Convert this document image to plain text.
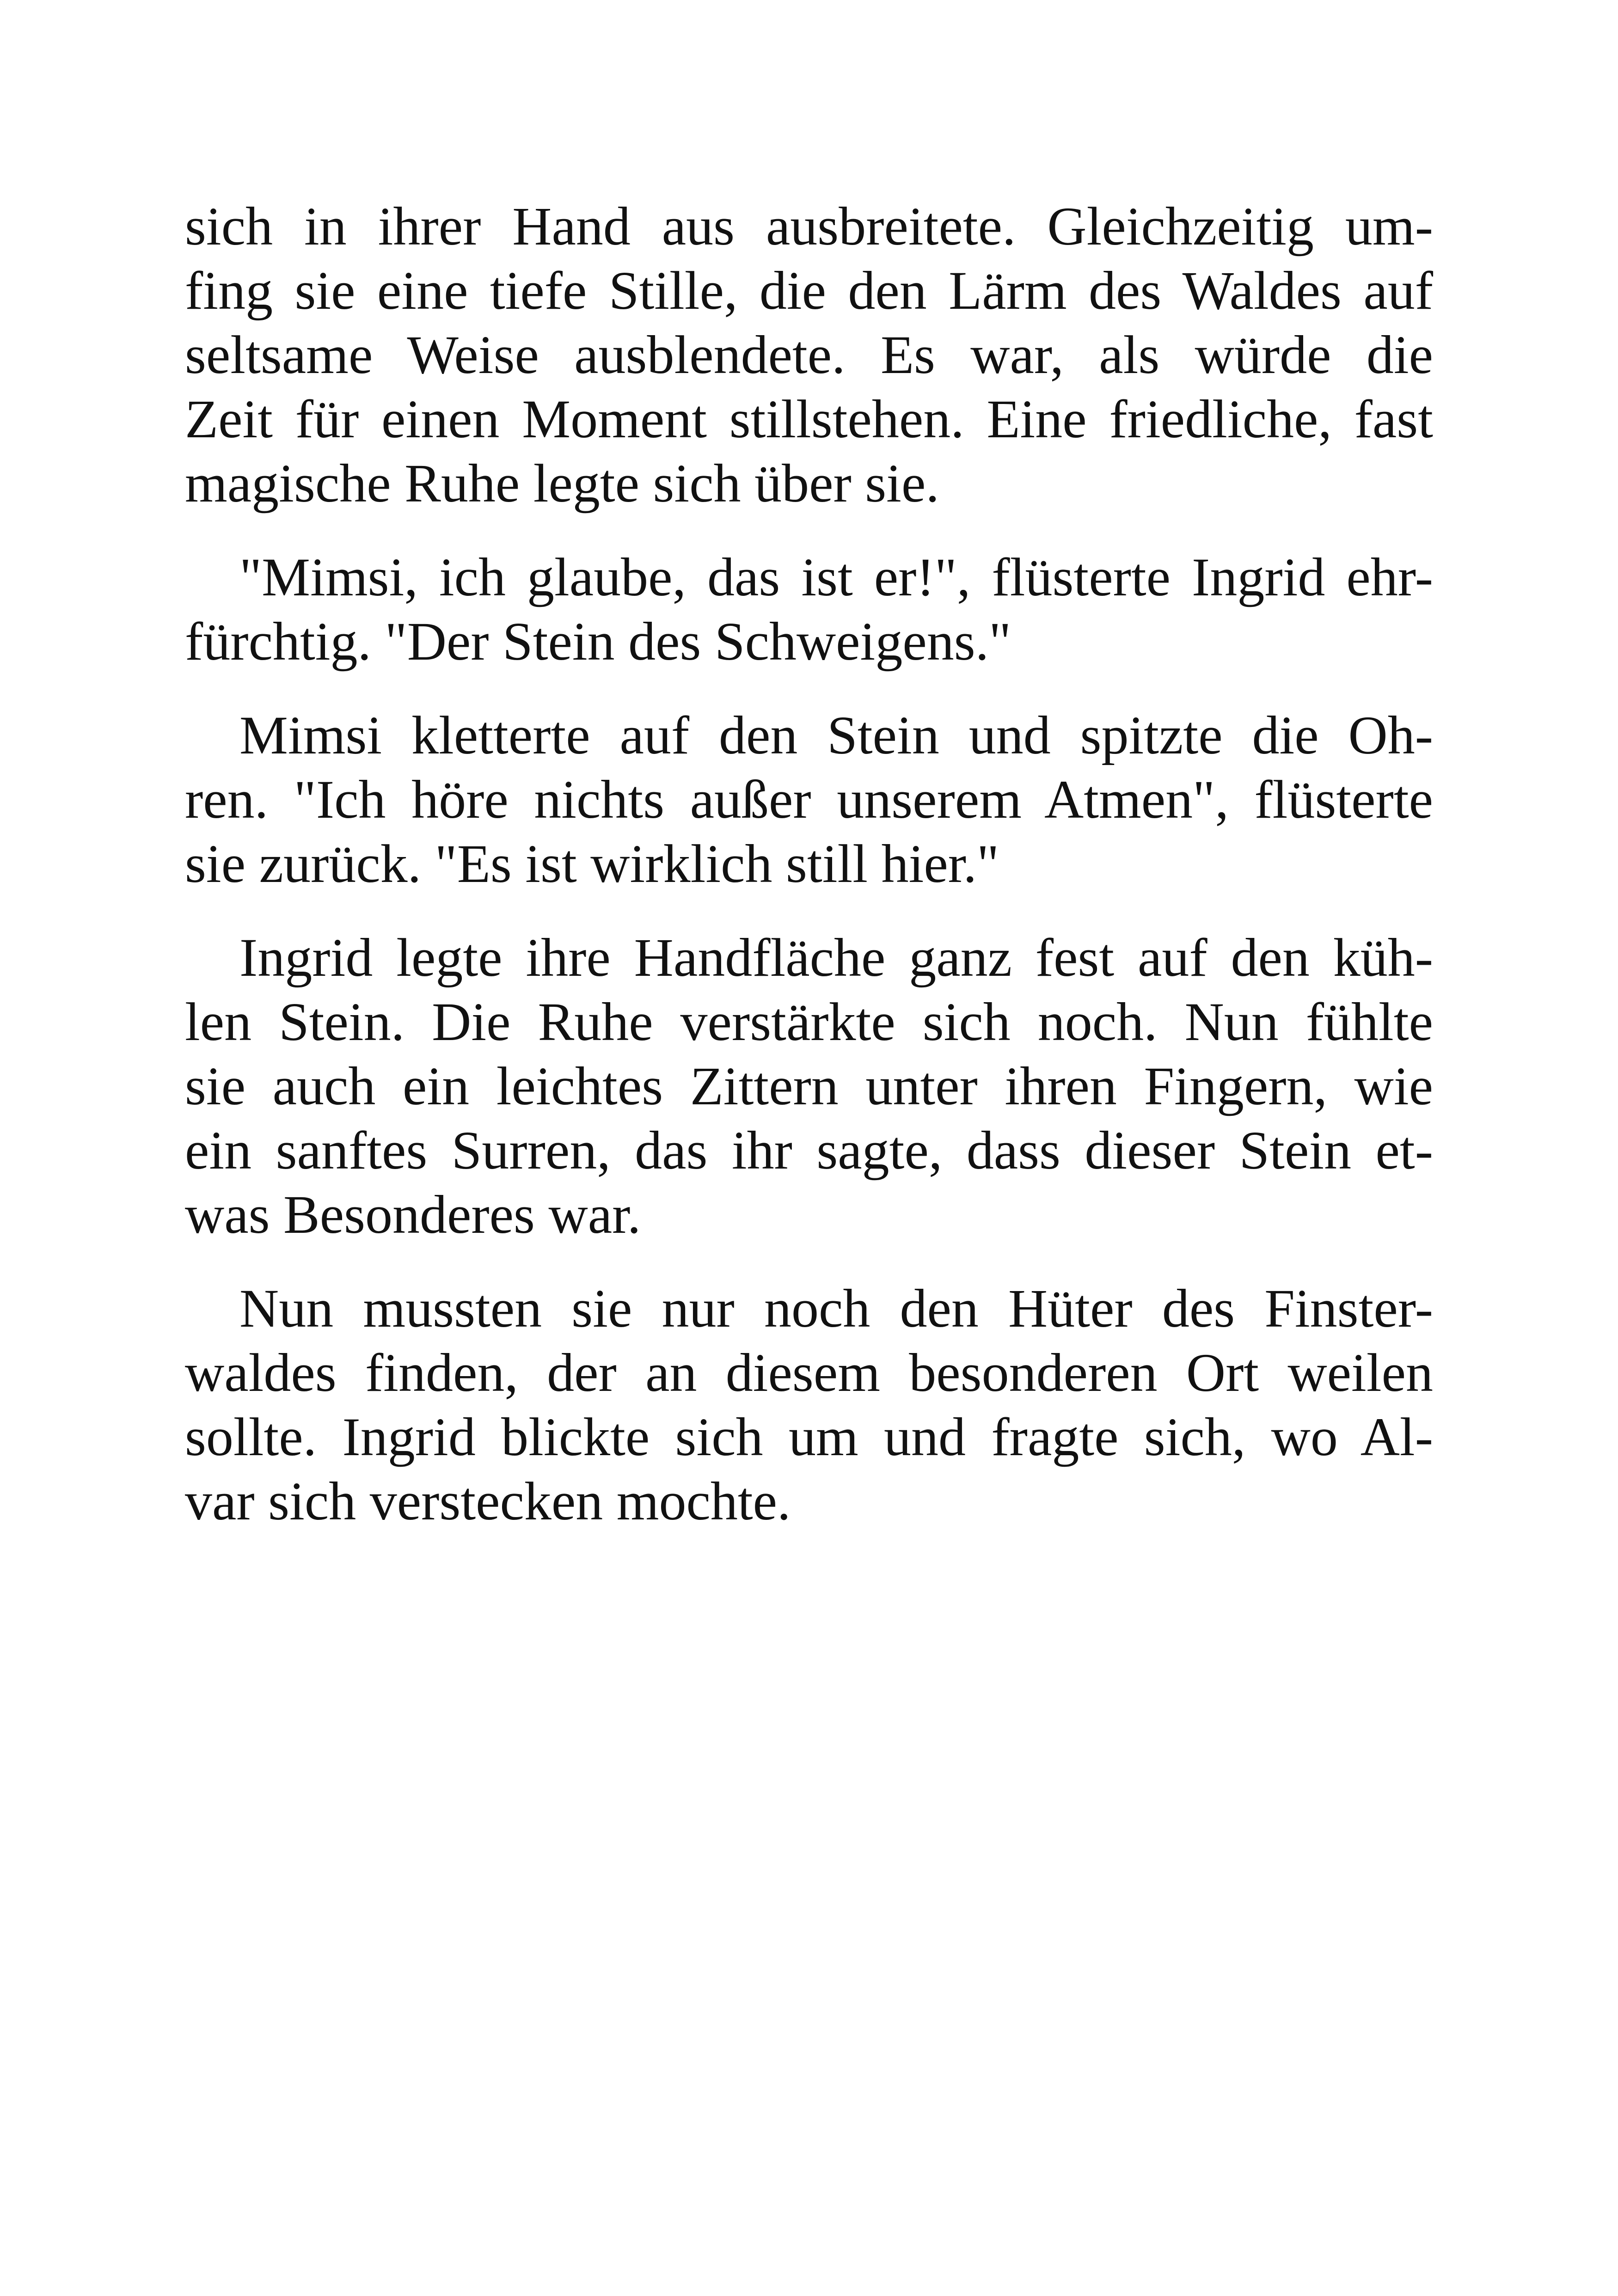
sich in ihrer Hand aus ausbreitete. Gleichzeitig um-
fing sie eine tiefe Stille, die den Lärm des Waldes auf
seltsame Weise ausblendete. Es war, als würde die
Zeit für einen Moment stillstehen. Eine friedliche, fast
magische Ruhe legte sich über sie.

"Mimsi, ich glaube, das ist er!", flüsterte Ingrid ehr-
fürchtig. "Der Stein des Schweigens."

Mimsi kletterte auf den Stein und spitzte die Oh-
ren. "Ich höre nichts außer unserem Atmen", flüsterte
sie zurück. "Es ist wirklich still hier."

Ingrid legte ihre Handfläche ganz fest auf den küh-
len Stein. Die Ruhe verstärkte sich noch. Nun fühlte
sie auch ein leichtes Zittern unter ihren Fingern, wie
ein sanftes Surren, das ihr sagte, dass dieser Stein et-
was Besonderes war.

Nun mussten sie nur noch den Hüter des Finster-
waldes finden, der an diesem besonderen Ort weilen
sollte. Ingrid blickte sich um und fragte sich, wo Al-
var sich verstecken mochte.
